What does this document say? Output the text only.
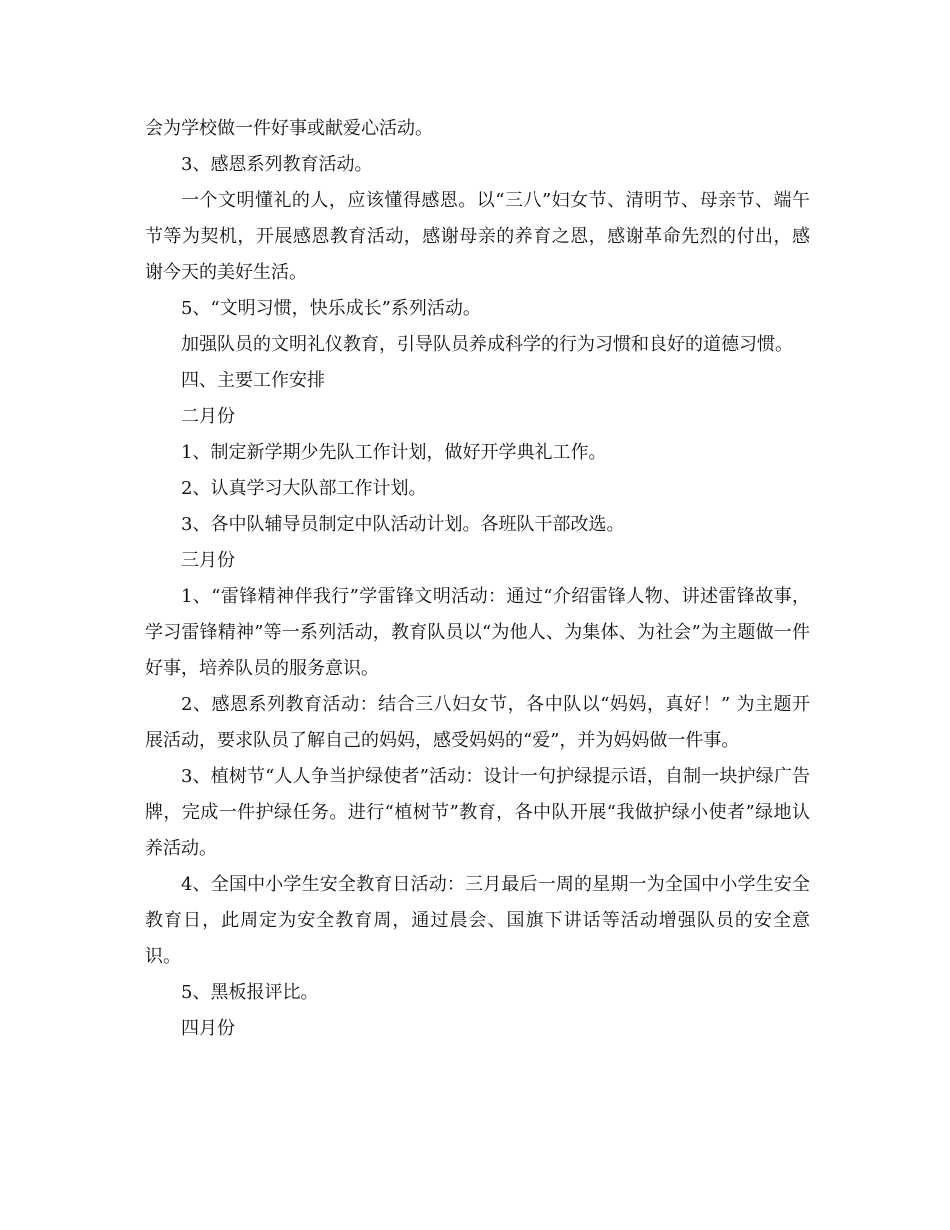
会为学校做一件好事或献爱心活动。

3、感恩系列教育活动。

一个文明懂礼的人，应该懂得感恩。以“三八”妇女节、清明节、母亲节、端午节等为契机，开展感恩教育活动，感谢母亲的养育之恩，感谢革命先烈的付出，感谢今天的美好生活。

5、“文明习惯，快乐成长”系列活动。

加强队员的文明礼仪教育，引导队员养成科学的行为习惯和良好的道德习惯。

四、主要工作安排

二月份

1、制定新学期少先队工作计划，做好开学典礼工作。

2、认真学习大队部工作计划。

3、各中队辅导员制定中队活动计划。各班队干部改选。

三月份

1、“雷锋精神伴我行”学雷锋文明活动：通过“介绍雷锋人物、讲述雷锋故事，学习雷锋精神”等一系列活动，教育队员以“为他人、为集体、为社会”为主题做一件好事，培养队员的服务意识。

2、感恩系列教育活动：结合三八妇女节，各中队以“妈妈，真好！” 为主题开展活动，要求队员了解自己的妈妈，感受妈妈的“爱”，并为妈妈做一件事。

3、植树节“人人争当护绿使者”活动：设计一句护绿提示语，自制一块护绿广告牌，完成一件护绿任务。进行“植树节”教育，各中队开展“我做护绿小使者”绿地认养活动。

4、全国中小学生安全教育日活动：三月最后一周的星期一为全国中小学生安全教育日，此周定为安全教育周，通过晨会、国旗下讲话等活动增强队员的安全意识。

5、黑板报评比。

四月份
